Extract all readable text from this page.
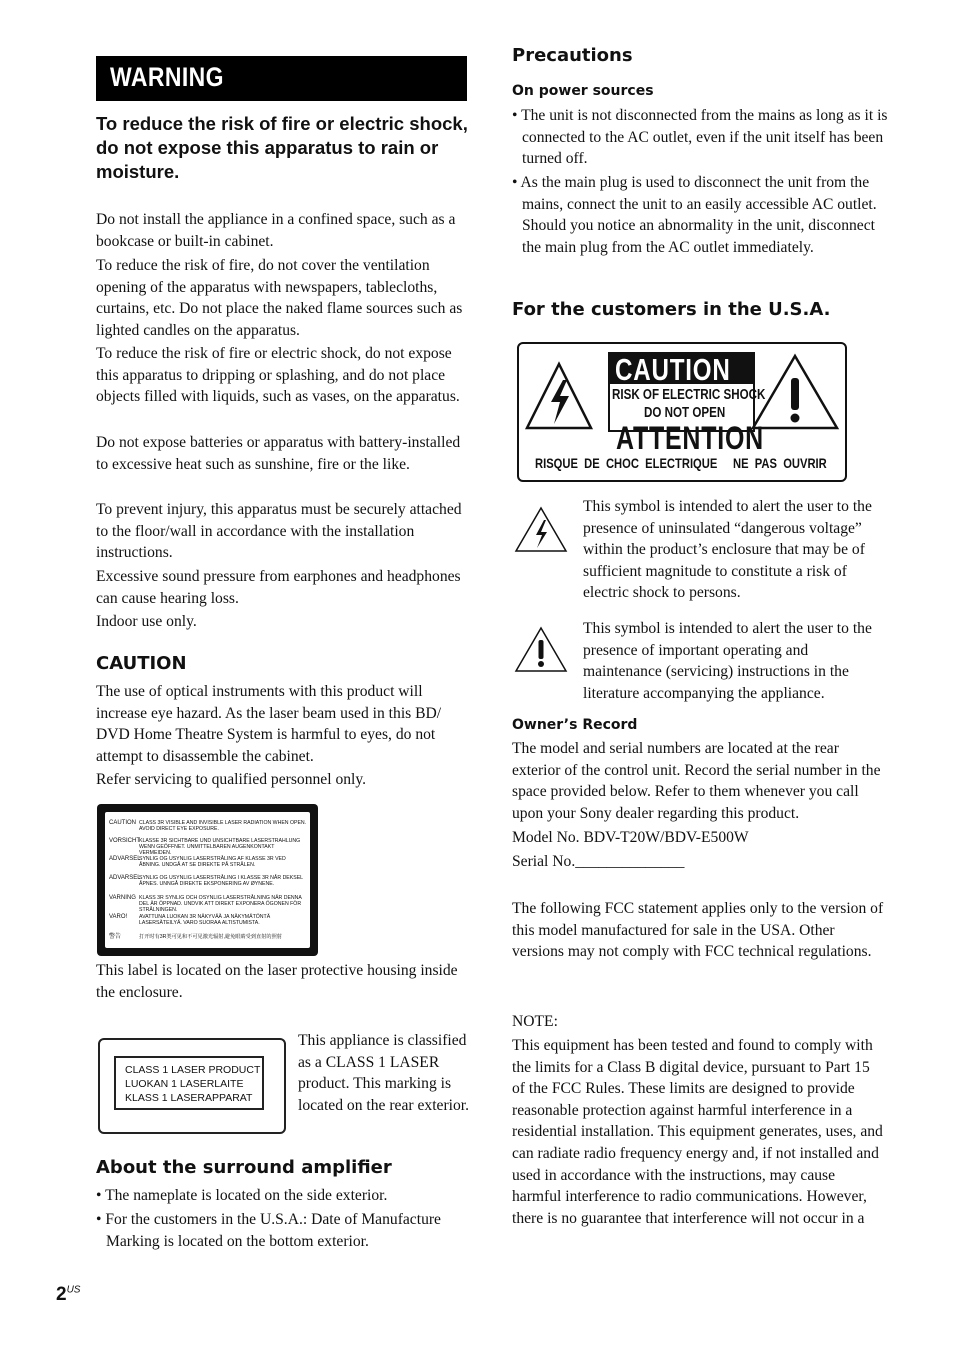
WARNING
To reduce the risk of fire or electric shock, do not expose this apparatus to rain or moisture.
Do not install the appliance in a confined space, such as a bookcase or built-in cabinet.
To reduce the risk of fire, do not cover the ventilation opening of the apparatus with newspapers, tablecloths, curtains, etc. Do not place the naked flame sources such as lighted candles on the apparatus.
To reduce the risk of fire or electric shock, do not expose this apparatus to dripping or splashing, and do not place objects filled with liquids, such as vases, on the apparatus.
Do not expose batteries or apparatus with battery-installed to excessive heat such as sunshine, fire or the like.
To prevent injury, this apparatus must be securely attached to the floor/wall in accordance with the installation instructions.
Excessive sound pressure from earphones and headphones can cause hearing loss.
Indoor use only.
CAUTION
The use of optical instruments with this product will increase eye hazard. As the laser beam used in this BD/ DVD Home Theatre System is harmful to eyes, do not attempt to disassemble the cabinet.
Refer servicing to qualified personnel only.
CAUTION CLASS 3R VISIBLE AND INVISIBLE LASER RADIATION WHEN OPEN. AVOID DIRECT EYE EXPOSURE.
VORSICHT
KLASSE 3R SICHTBARE UND UNSICHTBARE LASERSTRAHLUNG WENN GEÖFFNET. UNMITTELBAREN AUGENKONTAKT VERMEIDEN.
ADVARSEL
SYNLIG OG USYNLIG LASERSTRÅLING AF KLASSE 3R VED ÅBNING. UNDGÅ AT SE DIREKTE PÅ STRÅLEN.
ADVARSEL
SYNLIG OG USYNLIG LASERSTRÅLING I KLASSE 3R NÅR DEKSEL ÅPNES. UNNGÅ DIREKTE EKSPONERING AV ØYNENE.
VARNING KLASS 3R SYNLIG OCH OSYNLIG LASERSTRÅLNING NÄR DENNA DEL ÄR ÖPPNAD. UNDVIK ATT DIREKT EXPONERA ÖGONEN FÖR STRÅLNINGEN.
VARO! AVATTUNA LUOKAN 3R NÄKYVÄÄ JA NÄKYMÄTÖNTÄ LASERSÄTEILYÄ. VARO SUORAA ALTISTUMISTA.
警告	打开时有3R类可见和不可见激光辐射,避免眼睛受到直射的照射
This label is located on the laser protective housing inside the enclosure.
CLASS 1 LASER PRODUCT
LUOKAN 1 LASERLAITE
KLASS 1 LASERAPPARAT
This appliance is classified as a CLASS 1 LASER product. This marking is located on the rear exterior.
About the surround amplifier
• The nameplate is located on the side exterior.
• For the customers in the U.S.A.: Date of Manufacture Marking is located on the bottom exterior.
Precautions
On power sources
• The unit is not disconnected from the mains as long as it is connected to the AC outlet, even if the unit itself has been turned off.
• As the main plug is used to disconnect the unit from the mains, connect the unit to an easily accessible AC outlet. Should you notice an abnormality in the unit, disconnect the main plug from the AC outlet immediately.
For the customers in the U.S.A.
CAUTION
RISK OF ELECTRIC SHOCK
DO NOT OPEN
ATTENTION
RISQUE  DE  CHOC  ELECTRIQUE NE  PAS  OUVRIR
This symbol is intended to alert the user to the presence of uninsulated “dangerous voltage” within the product’s enclosure that may be of sufficient magnitude to constitute a risk of electric shock to persons.
This symbol is intended to alert the user to the presence of important operating and maintenance (servicing) instructions in the literature accompanying the appliance.
Owner’s Record
The model and serial numbers are located at the rear exterior of the control unit. Record the serial number in the space provided below. Refer to them whenever you call upon your Sony dealer regarding this product.
Model No. BDV-T20W/BDV-E500W
Serial No.______________
The following FCC statement applies only to the version of this model manufactured for sale in the USA. Other versions may not comply with FCC technical regulations.
NOTE:
This equipment has been tested and found to comply with the limits for a Class B digital device, pursuant to Part 15 of the FCC Rules. These limits are designed to provide reasonable protection against harmful interference in a residential installation. This equipment generates, uses, and can radiate radio frequency energy and, if not installed and used in accordance with the instructions, may cause harmful interference to radio communications. However, there is no guarantee that interference will not occur in a
$2^{US}$
